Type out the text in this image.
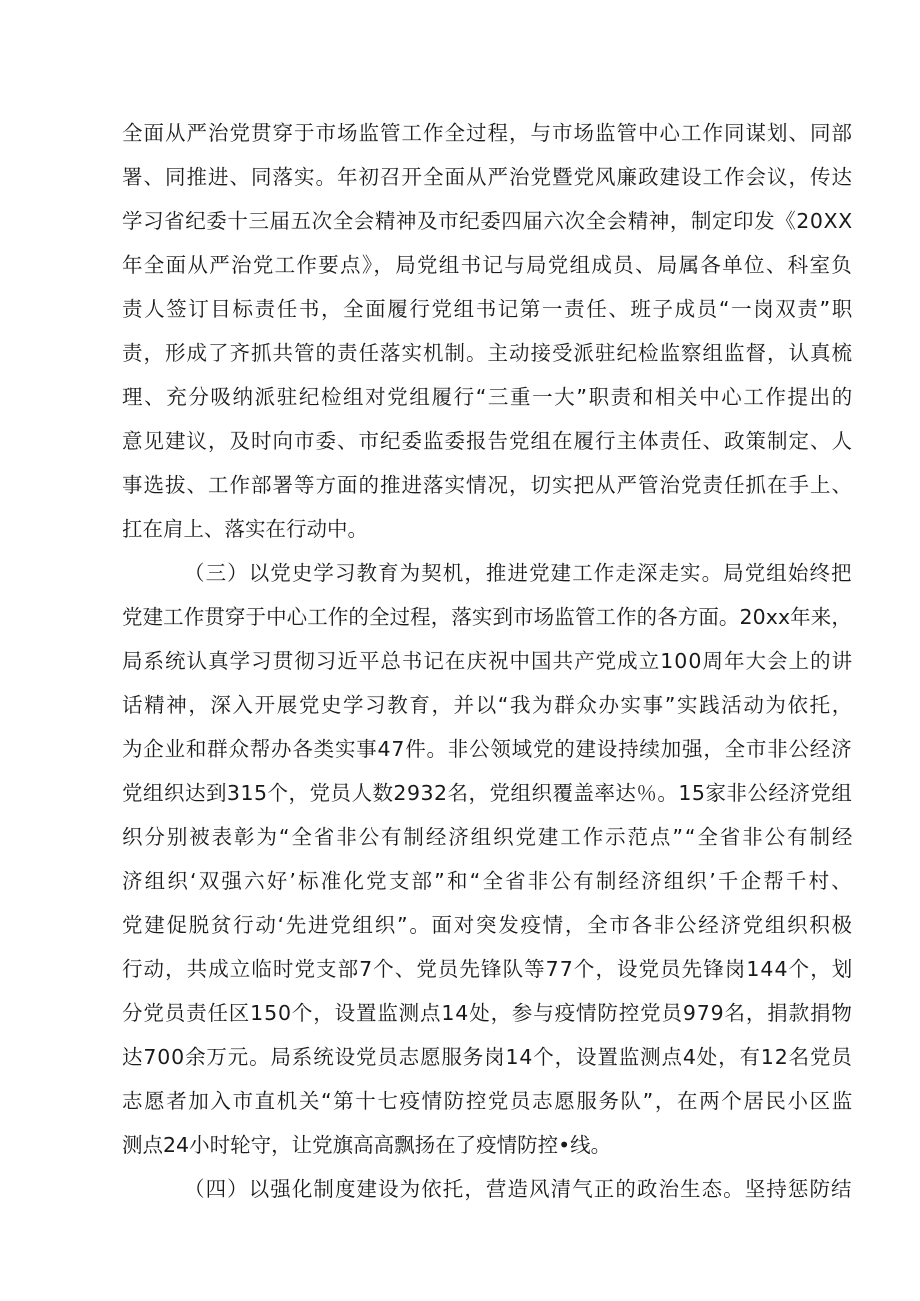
全面从严治党贯穿于市场监管工作全过程，与市场监管中心工作同谋划、同部
署、同推进、同落实。年初召开全面从严治党暨党风廉政建设工作会议，传达
学习省纪委十三届五次全会精神及市纪委四届六次全会精神，制定印发《20XX
年全面从严治党工作要点》，局党组书记与局党组成员、局属各单位、科室负
责人签订目标责任书，全面履行党组书记第一责任、班子成员“一岗双责”职
责，形成了齐抓共管的责任落实机制。主动接受派驻纪检监察组监督，认真梳
理、充分吸纳派驻纪检组对党组履行“三重一大”职责和相关中心工作提出的
意见建议，及时向市委、市纪委监委报告党组在履行主体责任、政策制定、人
事选拔、工作部署等方面的推进落实情况，切实把从严管治党责任抓在手上、
扛在肩上、落实在行动中。
（三）以党史学习教育为契机，推进党建工作走深走实。局党组始终把
党建工作贯穿于中心工作的全过程，落实到市场监管工作的各方面。20xx年来，
局系统认真学习贯彻习近平总书记在庆祝中国共产党成立100周年大会上的讲
话精神，深入开展党史学习教育，并以“我为群众办实事”实践活动为依托，
为企业和群众帮办各类实事47件。非公领域党的建设持续加强，全市非公经济
党组织达到315个，党员人数2932名，党组织覆盖率达％。15家非公经济党组
织分别被表彰为“全省非公有制经济组织党建工作示范点”“全省非公有制经
济组织‘双强六好’标准化党支部”和“全省非公有制经济组织’千企帮千村、
党建促脱贫行动‘先进党组织”。面对突发疫情，全市各非公经济党组织积极
行动，共成立临时党支部7个、党员先锋队等77个，设党员先锋岗144个，划
分党员责任区150个，设置监测点14处，参与疫情防控党员979名，捐款捐物
达700余万元。局系统设党员志愿服务岗14个，设置监测点4处，有12名党员
志愿者加入市直机关“第十七疫情防控党员志愿服务队”，在两个居民小区监
测点24小时轮守，让党旗高高飘扬在了疫情防控•线。
（四）以强化制度建设为依托，营造风清气正的政治生态。坚持惩防结
